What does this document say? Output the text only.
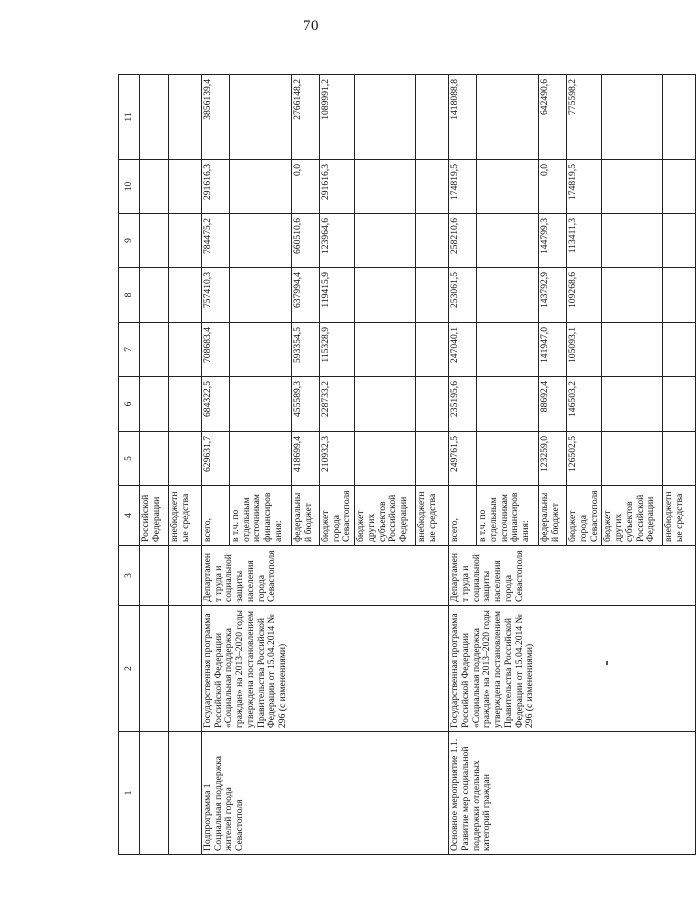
70
1	2	3	4	5	6	7	8	9	10	11
			Российской Федерации							
			внебюджетные средства							
Подпрограмма 1 Социальная поддержка жителей города Севастополя	Государственная программа Российской Федерации «Социальная поддержка граждан» на 2013–2020 годы утверждена постановлением Правительства Российской Федерации от 15.04.2014 № 296 (с изменениями)	Департамент труда и социальной защиты населения города Севастополя	всего,	629631,7	684322,5	708683,4	757410,3	784475,2	291616,3	3856139,4
			в т.ч. по отдельным источникам финансирования:							
			федеральный бюджет	418699,4	455589,3	593354,5	637994,4	660510,6	0,0	2766148,2
			бюджет города Севастополя	210932,3	228733,2	115328,9	119415,9	123964,6	291616,3	1089991,2
			бюджет других субъектов Российской Федерации							
			внебюджетные средства							
Основное мероприятие 1.1. Развитие мер социальной поддержки отдельных категорий граждан	Государственная программа Российской Федерации «Социальная поддержка граждан» на 2013–2020 годы утверждена постановлением Правительства Российской Федерации от 15.04.2014 № 296 (с изменениями)	Департамент труда и социальной защиты населения города Севастополя	всего,	249761,5	235195,6	247040,1	253061,5	258210,6	174819,5	1418088,8
			в т.ч. по отдельным источникам финансирования:							
			федеральный бюджет	123259,0	88692,4	141947,0	143792,9	144799,3	0,0	642490,6
			бюджет города Севастополя	126502,5	146503,2	105093,1	109268,6	113411,3	174819,5	775598,2
			бюджет других субъектов Российской Федерации							
			внебюджетные средства							
